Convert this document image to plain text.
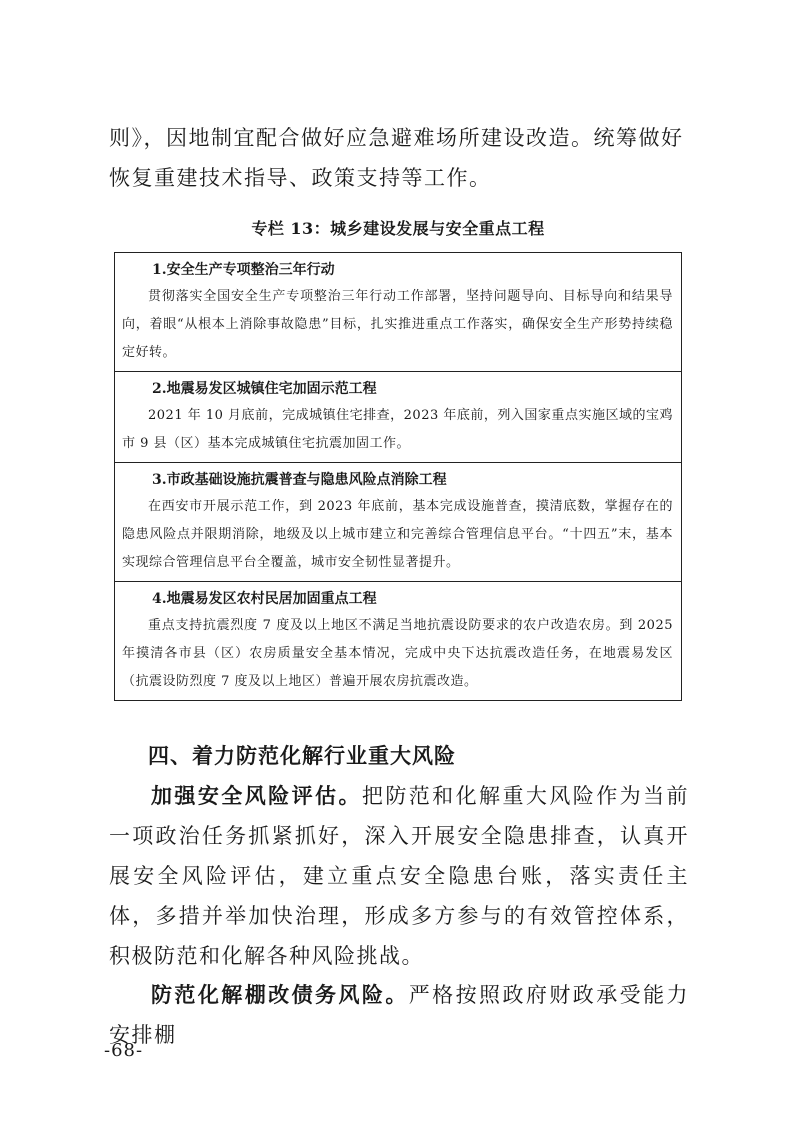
则》，因地制宜配合做好应急避难场所建设改造。统筹做好恢复重建技术指导、政策支持等工作。

专栏 13：城乡建设发展与安全重点工程

1.安全生产专项整治三年行动

贯彻落实全国安全生产专项整治三年行动工作部署，坚持问题导向、目标导向和结果导向，着眼“从根本上消除事故隐患”目标，扎实推进重点工作落实，确保安全生产形势持续稳定好转。

2.地震易发区城镇住宅加固示范工程

2021 年 10 月底前，完成城镇住宅排查，2023 年底前，列入国家重点实施区域的宝鸡市 9 县（区）基本完成城镇住宅抗震加固工作。

3.市政基础设施抗震普查与隐患风险点消除工程

在西安市开展示范工作，到 2023 年底前，基本完成设施普查，摸清底数，掌握存在的隐患风险点并限期消除，地级及以上城市建立和完善综合管理信息平台。“十四五”末，基本实现综合管理信息平台全覆盖，城市安全韧性显著提升。

4.地震易发区农村民居加固重点工程

重点支持抗震烈度 7 度及以上地区不满足当地抗震设防要求的农户改造农房。到 2025 年摸清各市县（区）农房质量安全基本情况，完成中央下达抗震改造任务，在地震易发区（抗震设防烈度 7 度及以上地区）普遍开展农房抗震改造。

四、着力防范化解行业重大风险

加强安全风险评估。把防范和化解重大风险作为当前一项政治任务抓紧抓好，深入开展安全隐患排查，认真开展安全风险评估，建立重点安全隐患台账，落实责任主体，多措并举加快治理，形成多方参与的有效管控体系，积极防范和化解各种风险挑战。

防范化解棚改债务风险。严格按照政府财政承受能力安排棚

-68-
